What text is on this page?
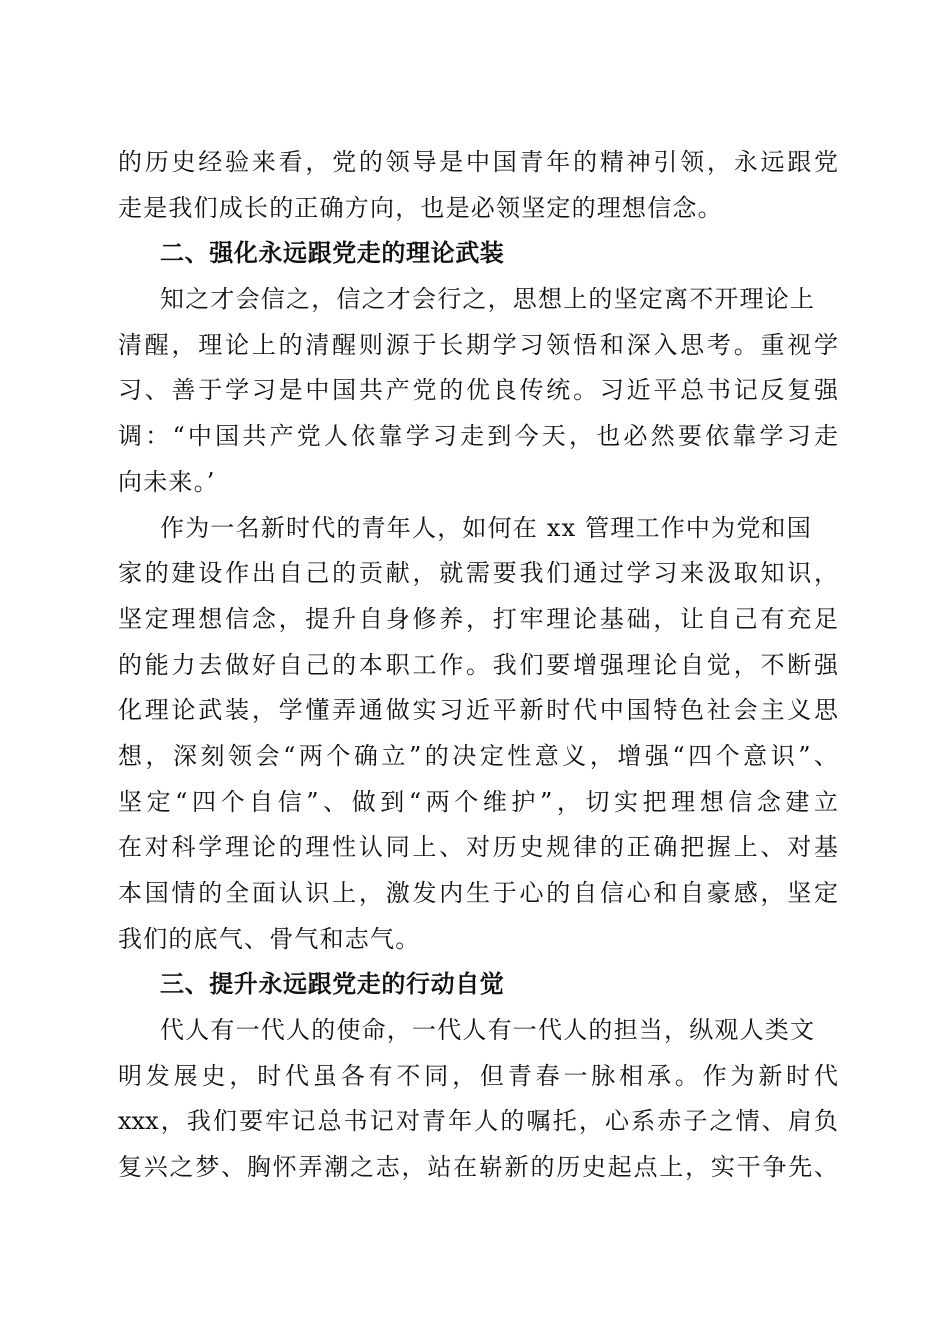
的历史经验来看，党的领导是中国青年的精神引领，永远跟党
走是我们成长的正确方向，也是必领坚定的理想信念。
二、强化永远跟党走的理论武装
知之才会信之，信之才会行之，思想上的坚定离不开理论上
清醒，理论上的清醒则源于长期学习领悟和深入思考。重视学
习、善于学习是中国共产党的优良传统。习近平总书记反复强
调：“中国共产党人依靠学习走到今天，也必然要依靠学习走
向未来。’
作为一名新时代的青年人，如何在 xx 管理工作中为党和国
家的建设作出自己的贡献，就需要我们通过学习来汲取知识，
坚定理想信念，提升自身修养，打牢理论基础，让自己有充足
的能力去做好自己的本职工作。我们要增强理论自觉，不断强
化理论武装，学懂弄通做实习近平新时代中国特色社会主义思
想，深刻领会“两个确立”的决定性意义，增强“四个意识”、
坚定“四个自信”、做到“两个维护”，切实把理想信念建立
在对科学理论的理性认同上、对历史规律的正确把握上、对基
本国情的全面认识上，激发内生于心的自信心和自豪感，坚定
我们的底气、骨气和志气。
三、提升永远跟党走的行动自觉
代人有一代人的使命，一代人有一代人的担当，纵观人类文
明发展史，时代虽各有不同，但青春一脉相承。作为新时代
xxx，我们要牢记总书记对青年人的嘱托，心系赤子之情、肩负
复兴之梦、胸怀弄潮之志，站在崭新的历史起点上，实干争先、
